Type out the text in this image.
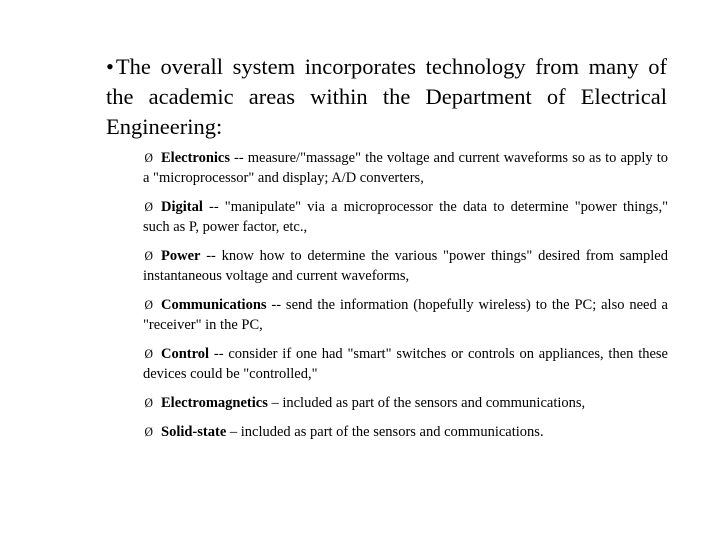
•The overall system incorporates technology from many of the academic areas within the Department of Electrical Engineering:
Ø Electronics -- measure/"massage" the voltage and current waveforms so as to apply to a "microprocessor" and display; A/D converters,
Ø Digital -- "manipulate" via a microprocessor the data to determine "power things," such as P, power factor, etc.,
Ø Power -- know how to determine the various "power things" desired from sampled instantaneous voltage and current waveforms,
Ø Communications -- send the information (hopefully wireless) to the PC; also need a "receiver" in the PC,
Ø Control -- consider if one had "smart" switches or controls on appliances, then these devices could be "controlled,"
Ø Electromagnetics – included as part of the sensors and communications,
Ø Solid-state – included as part of the sensors and communications.
